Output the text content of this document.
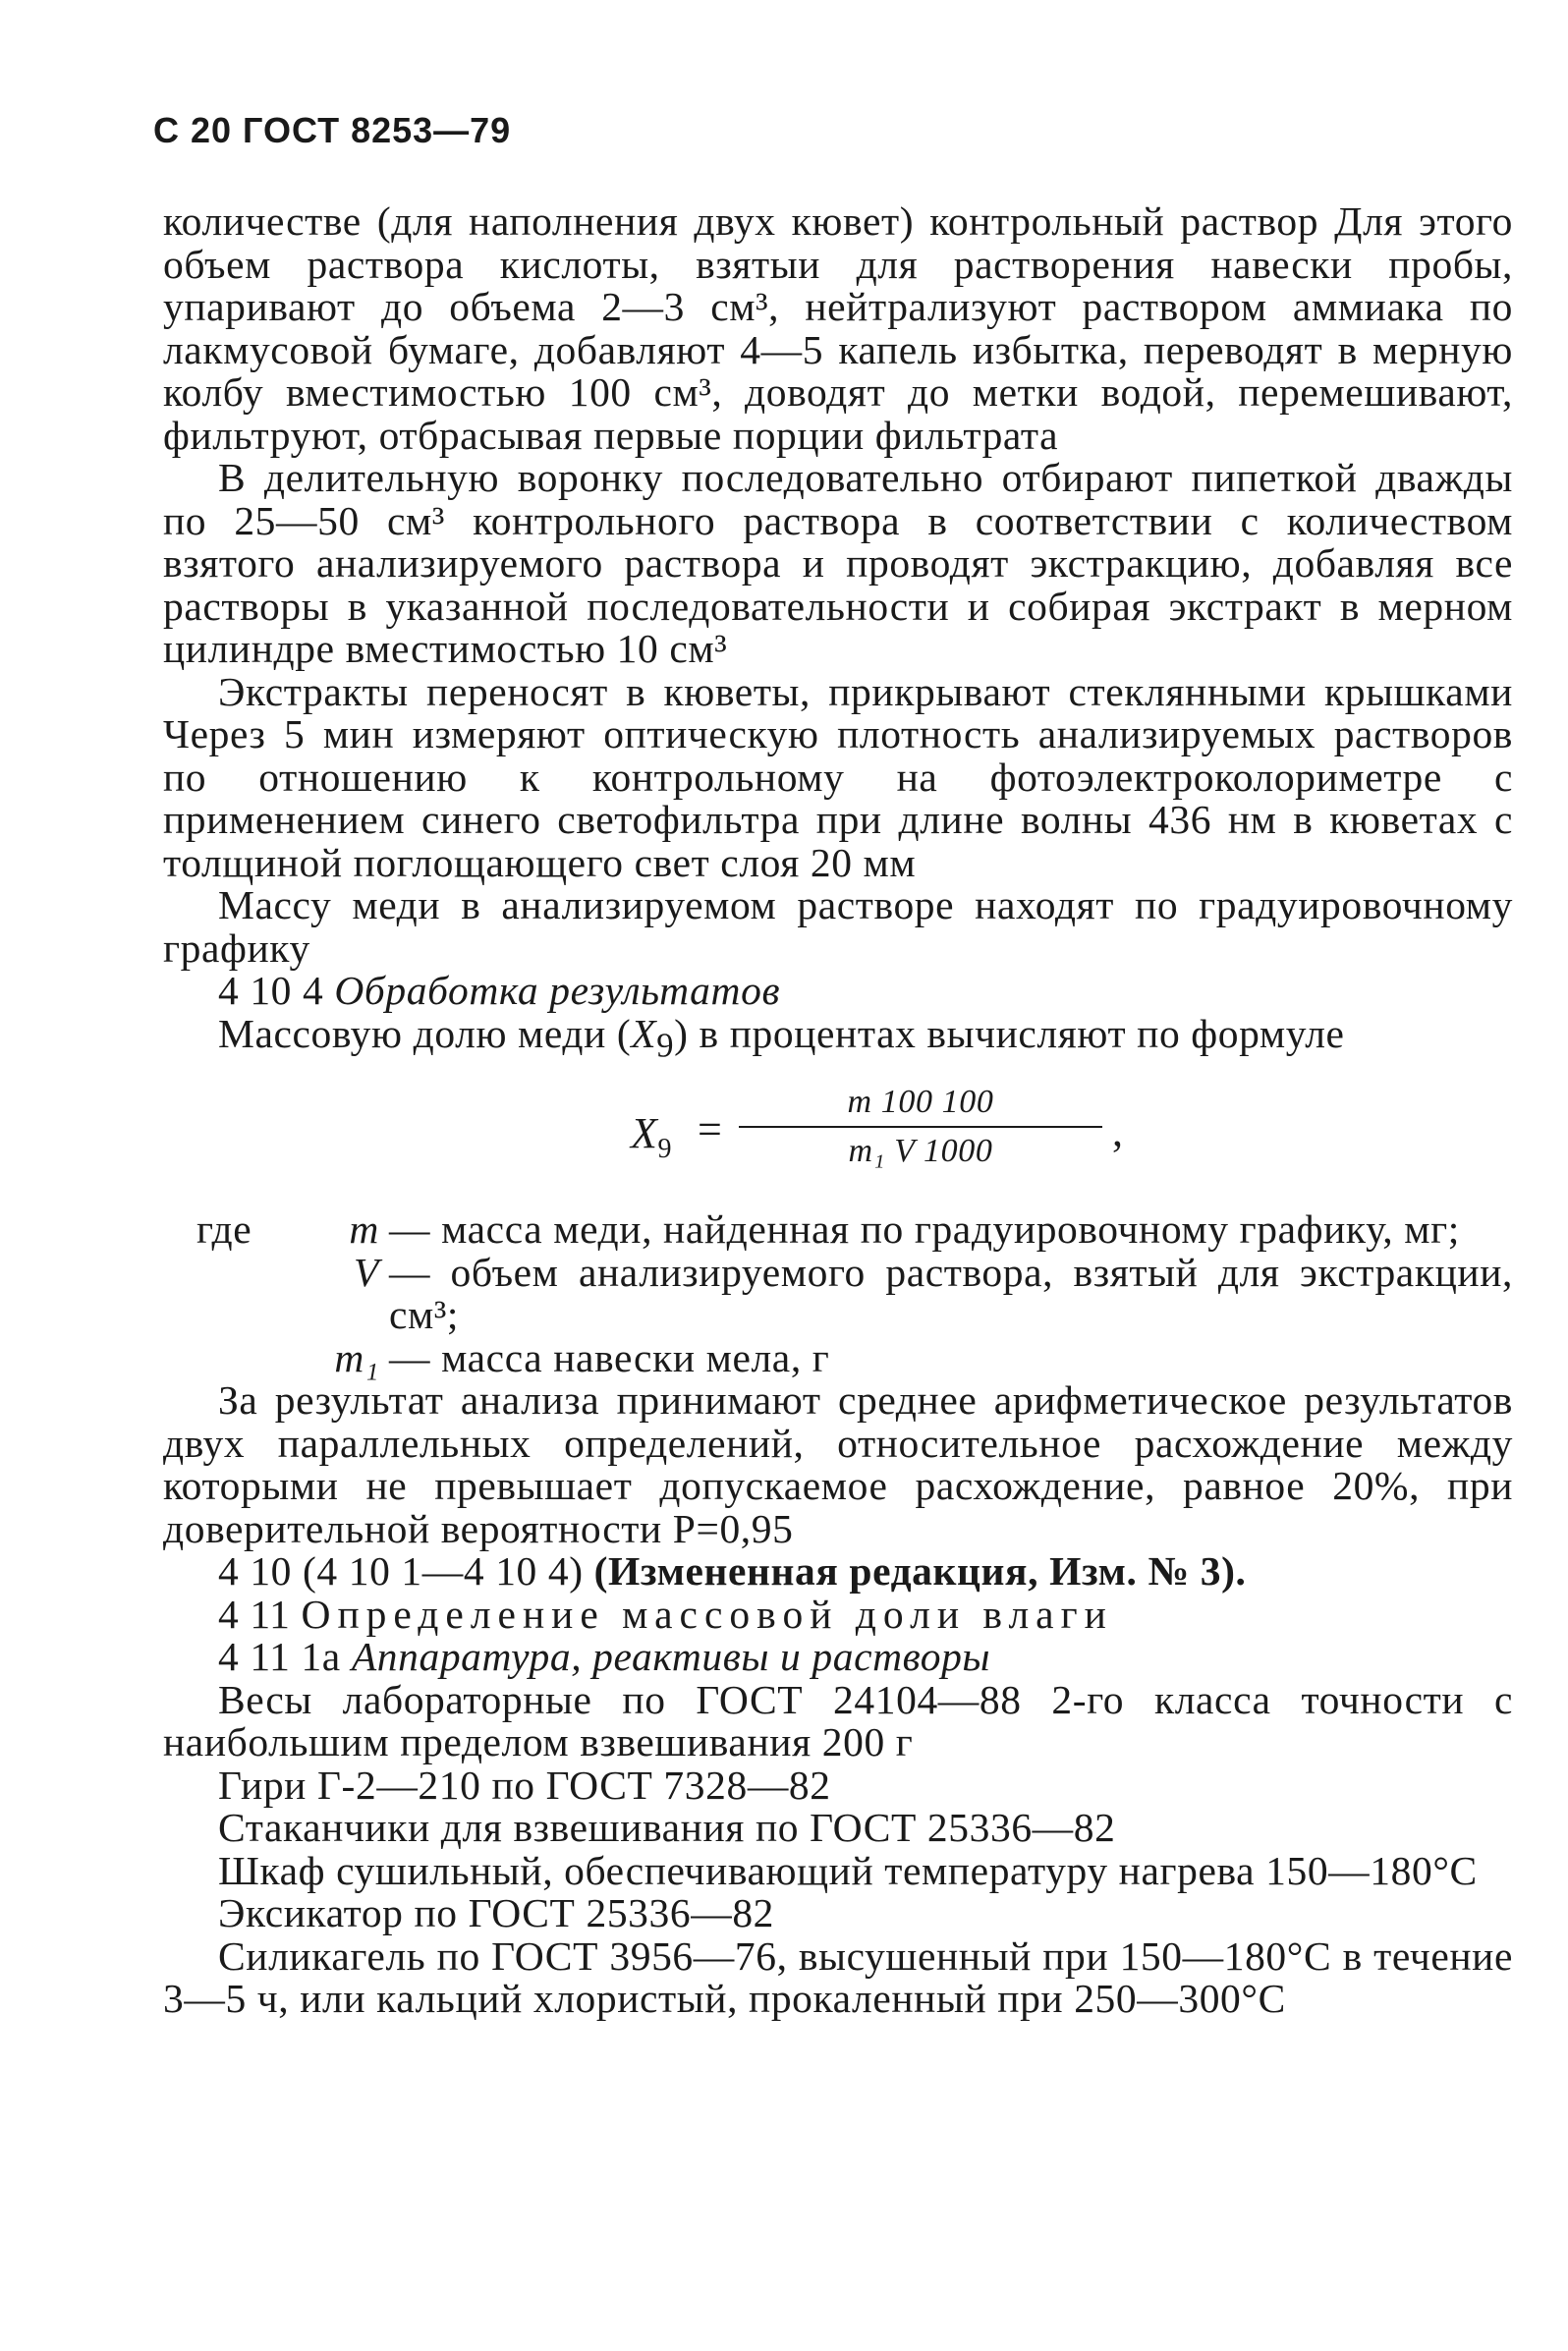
С 20 ГОСТ 8253—79

количестве (для наполнения двух кювет) контрольный раствор Для этого объем раствора кислоты, взятыи для растворения навески пробы, упаривают до объема 2—3 см³, нейтрализуют раствором аммиака по лакмусовой бумаге, добавляют 4—5 капель избытка, переводят в мерную колбу вместимостью 100 см³, доводят до метки водой, перемешивают, фильтруют, отбрасывая первые порции фильтрата

В делительную воронку последовательно отбирают пипеткой дважды по 25—50 см³ контрольного раствора в соответствии с количеством взятого анализируемого раствора и проводят экстракцию, добавляя все растворы в указанной последовательности и собирая экстракт в мерном цилиндре вместимостью 10 см³

Экстракты переносят в кюветы, прикрывают стеклянными крышками Через 5 мин измеряют оптическую плотность анализируемых растворов по отношению к контрольному на фотоэлектроколориметре с применением синего светофильтра при длине волны 436 нм в кюветах с толщиной поглощающего свет слоя 20 мм

Массу меди в анализируемом растворе находят по градуировочному графику

4 10 4 Обработка результатов

Массовую долю меди $(X_9)$ в процентах вычисляют по формуле

$X_9$ =
m 100 100
m₁ V 1000	,
где	m — масса меди, найденная по градуировочному графику, мг;
V — объем анализируемого раствора, взятый для экстракции, см³;
m₁ — масса навески мела, г

За результат анализа принимают среднее арифметическое результатов двух параллельных определений, относительное расхождение между которыми не превышает допускаемое расхождение, равное 20%, при доверительной вероятности P=0,95

4 10 (4 10 1—4 10 4) (Измененная редакция, Изм. № 3).

4 11 Определение массовой доли влаги

4 11 1а Аппаратура, реактивы и растворы

Весы лабораторные по ГОСТ 24104—88 2-го класса точности с наибольшим пределом взвешивания 200 г

Гири Г-2—210 по ГОСТ 7328—82

Стаканчики для взвешивания по ГОСТ 25336—82

Шкаф сушильный, обеспечивающий температуру нагрева 150—180°С

Эксикатор по ГОСТ 25336—82

Силикагель по ГОСТ 3956—76, высушенный при 150—180°С в течение 3—5 ч, или кальций хлористый, прокаленный при 250—300°С
